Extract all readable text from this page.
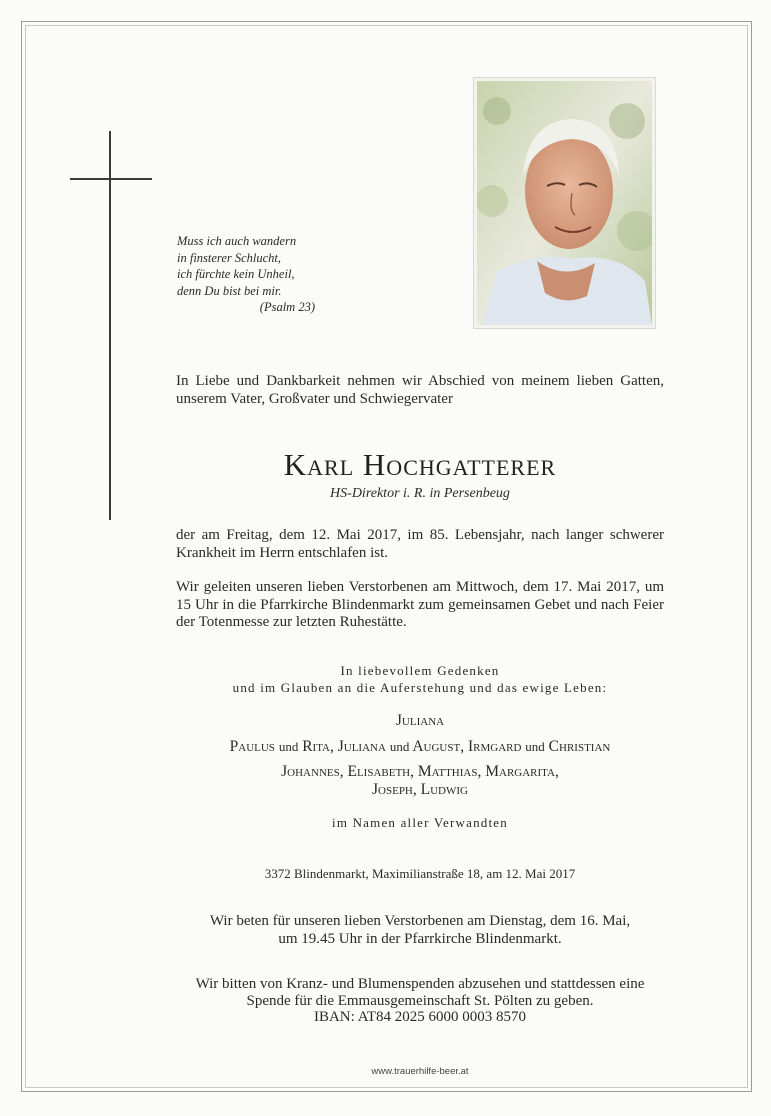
Muss ich auch wandern
in finsterer Schlucht,
ich fürchte kein Unheil,
denn Du bist bei mir.
(Psalm 23)
In Liebe und Dankbarkeit nehmen wir Abschied von meinem lieben Gatten, unserem Vater, Großvater und Schwiegervater
Karl Hochgatterer
HS-Direktor i. R. in Persenbeug
der am Freitag, dem 12. Mai 2017, im 85. Lebensjahr, nach langer schwerer Krankheit im Herrn entschlafen ist.
Wir geleiten unseren lieben Verstorbenen am Mittwoch, dem 17. Mai 2017, um 15 Uhr in die Pfarrkirche Blindenmarkt zum gemeinsamen Gebet und nach Feier der Totenmesse zur letzten Ruhestätte.
In liebevollem Gedenken
und im Glauben an die Auferstehung und das ewige Leben:
Juliana
Paulus und Rita, Juliana und August, Irmgard und Christian
Johannes, Elisabeth, Matthias, Margarita,
Joseph, Ludwig
im Namen aller Verwandten
3372 Blindenmarkt, Maximilianstraße 18, am 12. Mai 2017
Wir beten für unseren lieben Verstorbenen am Dienstag, dem 16. Mai,
um 19.45 Uhr in der Pfarrkirche Blindenmarkt.
Wir bitten von Kranz- und Blumenspenden abzusehen und stattdessen eine
Spende für die Emmausgemeinschaft St. Pölten zu geben.
IBAN: AT84 2025 6000 0003 8570
www.trauerhilfe-beer.at
